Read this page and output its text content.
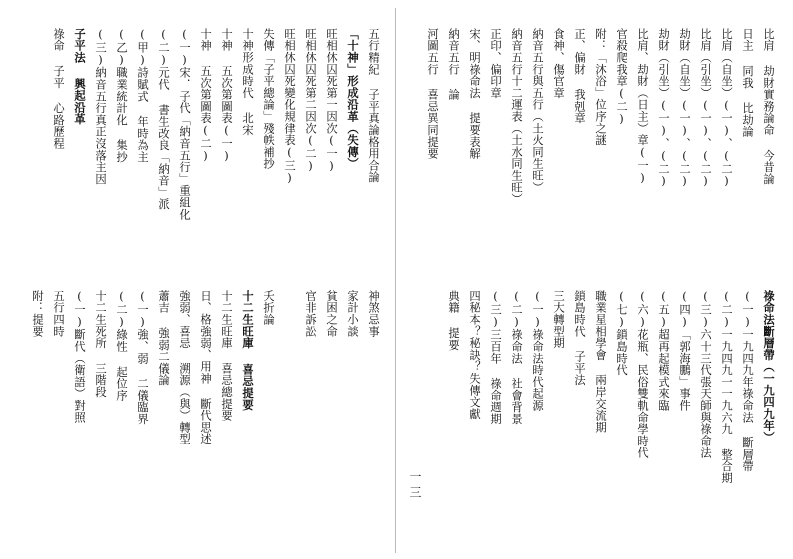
五行精紀 子平真論格用合論
「十神」形成沿革（失傳）
旺相休囚死第一因次(一)
旺相休囚死第二因次(二)
旺相休囚死變化規律表(三)
失傳「子平總論」殘帙補抄
十神形成時代 北宋
十神 五次第圖表(一)
十神 五次第圖表(二)
(一)宋．子代「納音五行」重組化
(二)元代 書生改良「納音」派
(甲)詩賦式 年時為主
(乙)職業統計化 集抄
(三)納音五行真正沒落主因
子平法 興起沿革
祿命 子平 心路歷程
神煞忌事
家計小談
貧困之命
官非訴訟
夭折論
十二生旺庫 喜忌提要
十二生旺庫 喜忌總提要
日、格強弱、用神 斷代思述
強弱、喜忌 溯源（與）轉型
蕭吉 強弱二儀論
(一)強、弱 二儀臨界
(二)綠性 起位序
十二生死所 三階段
(一)斷代（衛語）對照
五行四時
附：提要
比肩 劫財實務論命 今昔論
日主 同我 比劫論
比肩（自坐）(一)、(二)
比肩（引坐）(一)、(二)
劫財（自坐）(一)、(二)
劫財（引坐）(一)、(二)
比肩、劫財（日主）章(一)
官殺爬我章(二)
附：「沐浴」位序之謎
正、偏財 我剋章
食神、傷官章
納音五行與五行（土火同生旺）
納音五行十二運表（土水同生旺）
正印、偏印章
宋、明祿命法 提要表解
納音五行 論
河圖五行 喜忌異同提要
祿命法斷層帶（一九四九年）
(一)一九四九年祿命法 斷層帶
(二)一九四九一一九六九 整合期
(三)六十三代張天師與祿命法
(四)「郭海鵬」事件
(五)超再起模式來臨
(六)花瓶、民俗雙軌命學時代
(七)鎖島時代
職業星相學會 兩岸交流期
鎖島時代 子平法
三大轉型期
(一)祿命法時代起源
(二)祿命法 社會背景
(三)三百年 祿命週期
四秘本？秘訣？失傳文獻
典籍 提要
一三
